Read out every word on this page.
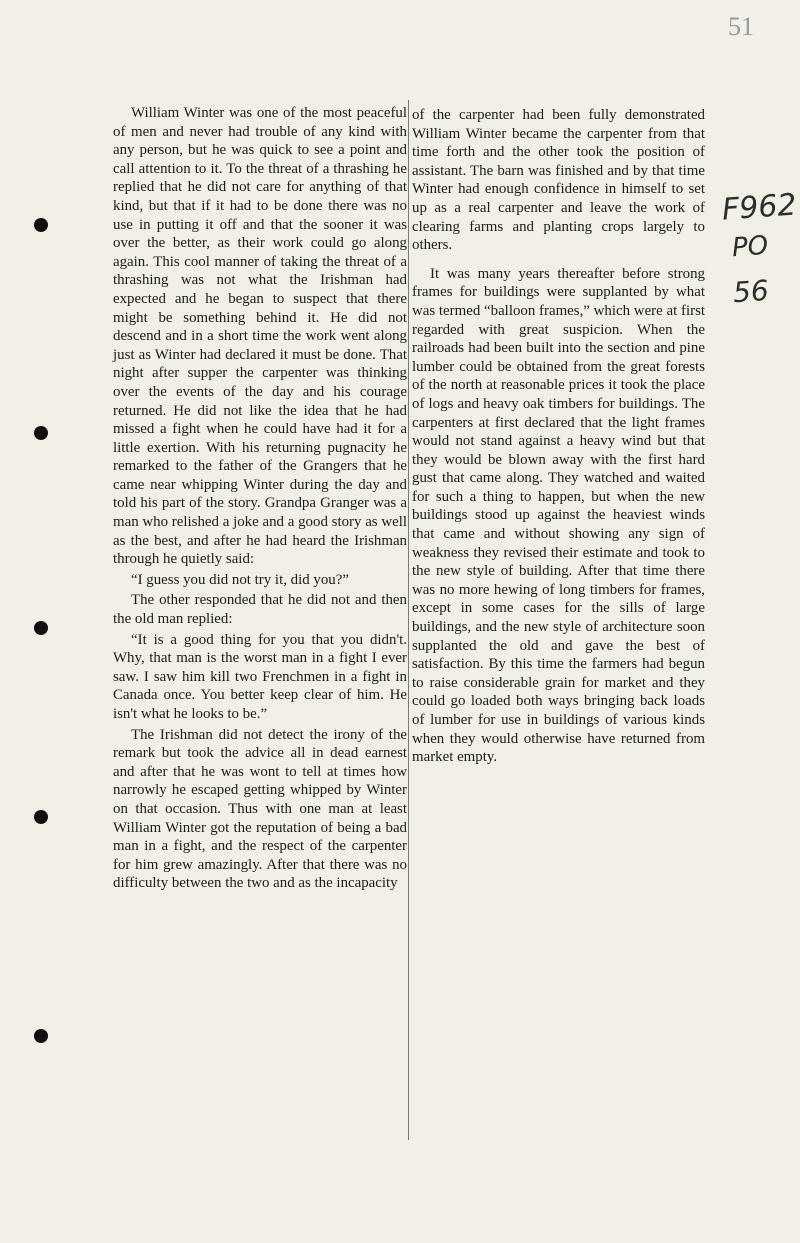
51
F962
PO
56

William Winter was one of the most peaceful of men and never had trouble of any kind with any person, but he was quick to see a point and call attention to it. To the threat of a thrashing he replied that he did not care for anything of that kind, but that if it had to be done there was no use in putting it off and that the sooner it was over the better, as their work could go along again. This cool manner of taking the threat of a thrashing was not what the Irishman had expected and he began to suspect that there might be something behind it. He did not descend and in a short time the work went along just as Winter had declared it must be done. That night after supper the carpenter was thinking over the events of the day and his courage returned. He did not like the idea that he had missed a fight when he could have had it for a little exertion. With his returning pugnacity he remarked to the father of the Grangers that he came near whipping Winter during the day and told his part of the story. Grandpa Granger was a man who relished a joke and a good story as well as the best, and after he had heard the Irishman through he quietly said:

“I guess you did not try it, did you?”

The other responded that he did not and then the old man replied:

“It is a good thing for you that you didn't. Why, that man is the worst man in a fight I ever saw. I saw him kill two Frenchmen in a fight in Canada once. You better keep clear of him. He isn't what he looks to be.”

The Irishman did not detect the irony of the remark but took the advice all in dead earnest and after that he was wont to tell at times how narrowly he escaped getting whipped by Winter on that occasion. Thus with one man at least William Winter got the reputation of being a bad man in a fight, and the respect of the carpenter for him grew amazingly. After that there was no difficulty between the two and as the incapacity

of the carpenter had been fully demonstrated William Winter became the carpenter from that time forth and the other took the position of assistant. The barn was finished and by that time Winter had enough confidence in himself to set up as a real carpenter and leave the work of clearing farms and planting crops largely to others.

It was many years thereafter before strong frames for buildings were supplanted by what was termed “balloon frames,” which were at first regarded with great suspicion. When the railroads had been built into the section and pine lumber could be obtained from the great forests of the north at reasonable prices it took the place of logs and heavy oak timbers for buildings. The carpenters at first declared that the light frames would not stand against a heavy wind but that they would be blown away with the first hard gust that came along. They watched and waited for such a thing to happen, but when the new buildings stood up against the heaviest winds that came and without showing any sign of weakness they revised their estimate and took to the new style of building. After that time there was no more hewing of long timbers for frames, except in some cases for the sills of large buildings, and the new style of architecture soon supplanted the old and gave the best of satisfaction. By this time the farmers had begun to raise considerable grain for market and they could go loaded both ways bringing back loads of lumber for use in buildings of various kinds when they would otherwise have returned from market empty.
